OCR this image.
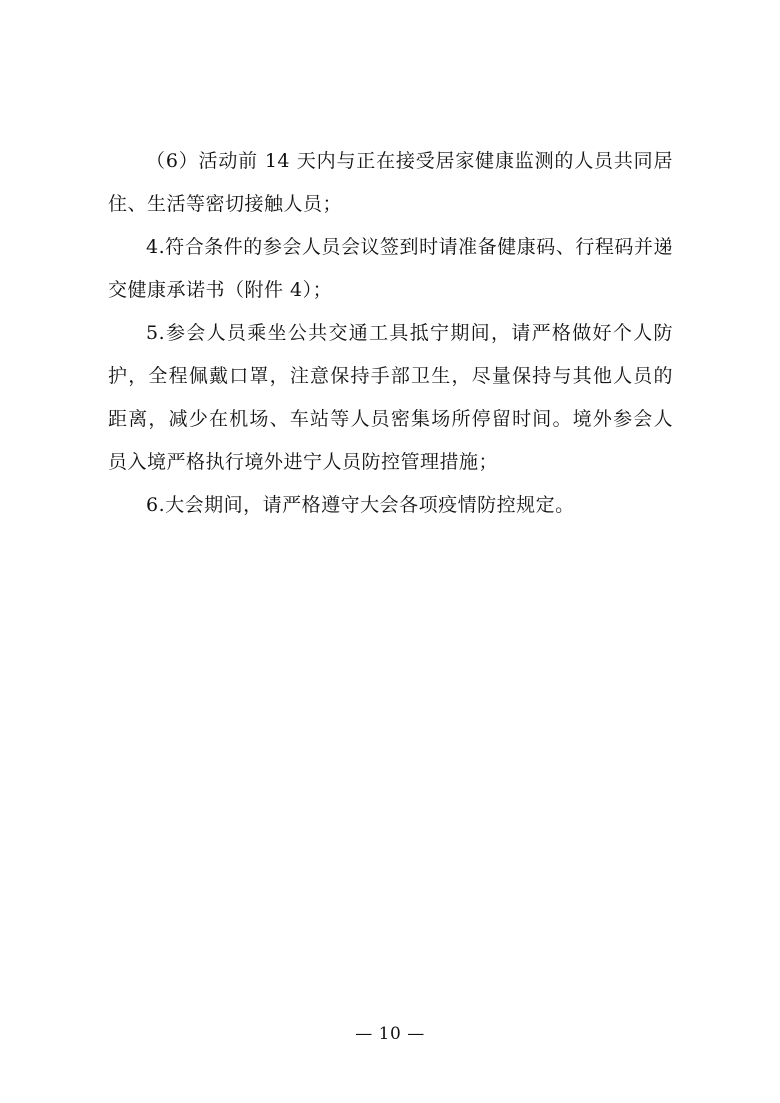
（6）活动前 14 天内与正在接受居家健康监测的人员共同居住、生活等密切接触人员；

4.符合条件的参会人员会议签到时请准备健康码、行程码并递交健康承诺书（附件 4）；

5.参会人员乘坐公共交通工具抵宁期间，请严格做好个人防护，全程佩戴口罩，注意保持手部卫生，尽量保持与其他人员的距离，减少在机场、车站等人员密集场所停留时间。境外参会人员入境严格执行境外进宁人员防控管理措施；

6.大会期间，请严格遵守大会各项疫情防控规定。

— 10 —
